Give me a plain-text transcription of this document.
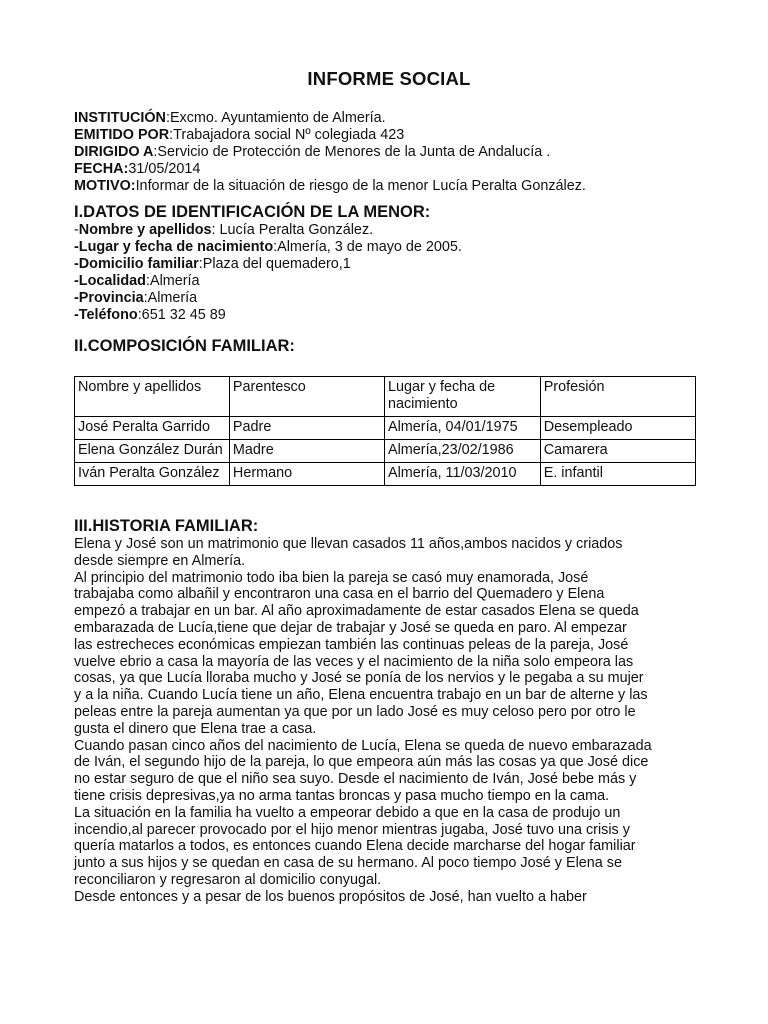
INFORME SOCIAL
INSTITUCIÓN:Excmo. Ayuntamiento de Almería.
EMITIDO POR:Trabajadora social Nº colegiada 423
DIRIGIDO A:Servicio de Protección de Menores de la Junta de Andalucía .
FECHA:31/05/2014
MOTIVO:Informar de la situación de riesgo de la menor Lucía Peralta González.
I.DATOS DE IDENTIFICACIÓN DE LA MENOR:
-Nombre y apellidos: Lucía Peralta González.
-Lugar y fecha de nacimiento:Almería, 3 de mayo de 2005.
-Domicilio familiar:Plaza del quemadero,1
-Localidad:Almería
-Provincia:Almería
-Teléfono:651 32 45 89
II.COMPOSICIÓN FAMILIAR:
Nombre y apellidos	Parentesco	Lugar y fecha de nacimiento	Profesión
José Peralta Garrido	Padre	Almería, 04/01/1975	Desempleado
Elena González Durán	Madre	Almería,23/02/1986	Camarera
Iván Peralta González	Hermano	Almería, 11/03/2010	E. infantil
III.HISTORIA FAMILIAR:
Elena y José son un matrimonio que llevan casados 11 años,ambos nacidos y criados
desde siempre en Almería.
Al principio del matrimonio todo iba bien la pareja se casó muy enamorada, José
trabajaba como albañil y encontraron una casa en el barrio del Quemadero y Elena
empezó a trabajar en un bar. Al año aproximadamente de estar casados Elena se queda
embarazada de Lucía,tiene que dejar de trabajar y José se queda en paro. Al empezar
las estrecheces económicas empiezan también las continuas peleas de la pareja, José
vuelve ebrio a casa la mayoría de las veces y el nacimiento de la niña solo empeora las
cosas, ya que Lucía lloraba mucho y José se ponía de los nervios y le pegaba a su mujer
y a la niña. Cuando Lucía tiene un año, Elena encuentra trabajo en un bar de alterne y las
peleas entre la pareja aumentan ya que por un lado José es muy celoso pero por otro le
gusta el dinero que Elena trae a casa.
Cuando pasan cinco años del nacimiento de Lucía, Elena se queda de nuevo embarazada
de Iván, el segundo hijo de la pareja, lo que empeora aún más las cosas ya que José dice
no estar seguro de que el niño sea suyo. Desde el nacimiento de Iván, José bebe más y
tiene crisis depresivas,ya no arma tantas broncas y pasa mucho tiempo en la cama.
La situación en la familia ha vuelto a empeorar debido a que en la casa de produjo un
incendio,al parecer provocado por el hijo menor mientras jugaba, José tuvo una crisis y
quería matarlos a todos, es entonces cuando Elena decide marcharse del hogar familiar
junto a sus hijos y se quedan en casa de su hermano. Al poco tiempo José y Elena se
reconciliaron y regresaron al domicilio conyugal.
Desde entonces y a pesar de los buenos propósitos de José, han vuelto a haber
